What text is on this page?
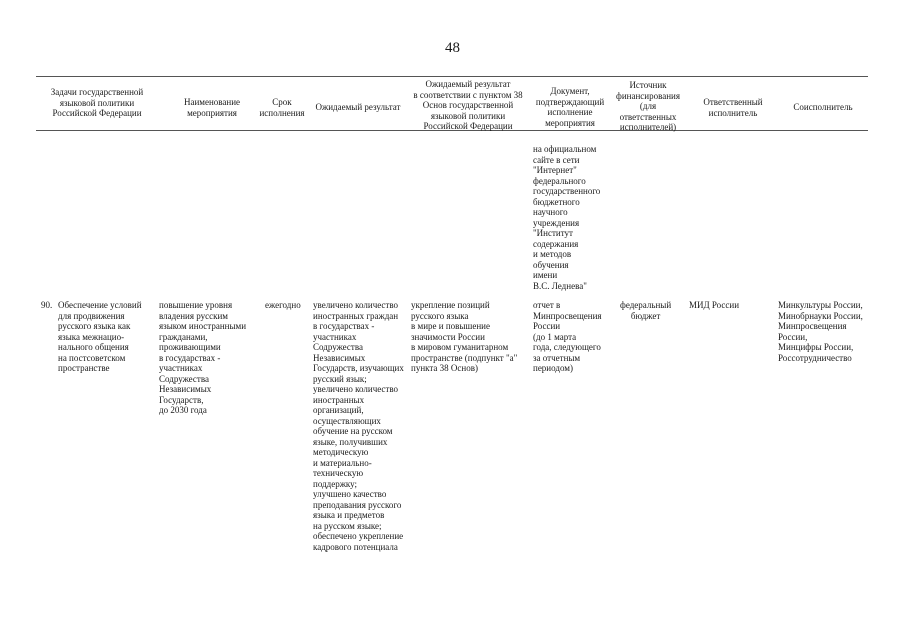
48
Задачи государственной
языковой политики
Российской Федерации
Наименование
мероприятия
Срок
исполнения
Ожидаемый результат
Ожидаемый результат
в соответствии с пунктом 38
Основ государственной
языковой политики
Российской Федерации
Документ,
подтверждающий
исполнение
мероприятия
Источник
финансирования
(для
ответственных
исполнителей)
Ответственный
исполнитель
Соисполнитель
на официальном
сайте в сети
"Интернет"
федерального
государственного
бюджетного
научного
учреждения
"Институт
содержания
и методов
обучения
имени
В.С. Леднева"
90. Обеспечение условий
для продвижения
русского языка как
языка межнацио-
нального общения
на постсоветском
пространстве
повышение уровня
владения русским
языком иностранными
гражданами,
проживающими
в государствах -
участниках
Содружества
Независимых
Государств,
до 2030 года
ежегодно увеличено количество
иностранных граждан
в государствах -
участниках
Содружества
Независимых
Государств, изучающих
русский язык;
увеличено количество
иностранных
организаций,
осуществляющих
обучение на русском
языке, получивших
методическую
и материально-
техническую
поддержку;
улучшено качество
преподавания русского
языка и предметов
на русском языке;
обеспечено укрепление
кадрового потенциала
укрепление позиций
русского языка
в мире и повышение
значимости России
в мировом гуманитарном
пространстве (подпункт "а"
пункта 38 Основ)
отчет в
Минпросвещения
России
(до 1 марта
года, следующего
за отчетным
периодом)
федеральный
бюджет
МИД России	Минкультуры России,
Минобрнауки России,
Минпросвещения
России,
Минцифры России,
Россотрудничество
